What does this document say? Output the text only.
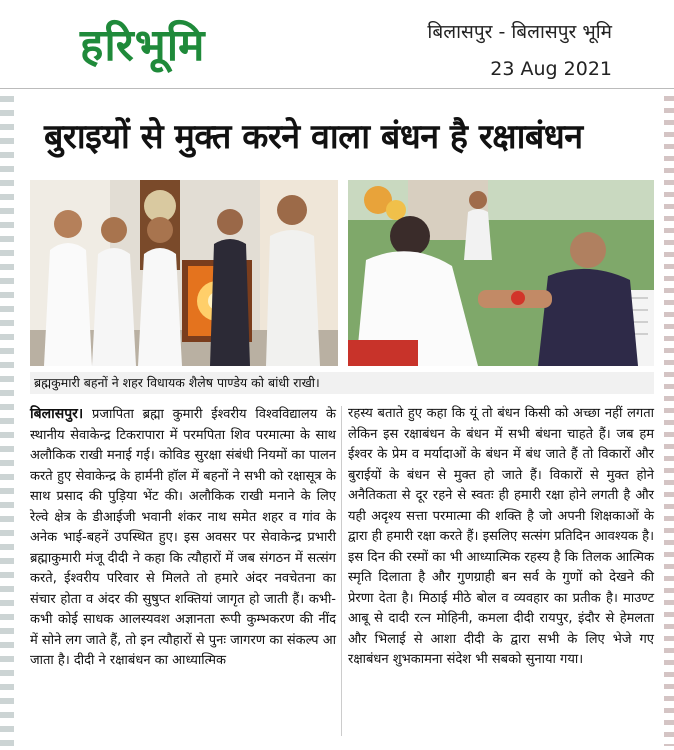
हरिभूमि	बिलासपुर - बिलासपुर भूमि
23 Aug 2021
बुराइयों से मुक्त करने वाला बंधन है रक्षाबंधन
ब्रह्मकुमारी बहनों ने शहर विधायक शैलेष पाण्डेय को बांधी राखी।
बिलासपुर। प्रजापिता ब्रह्मा कुमारी ईश्वरीय विश्वविद्यालय के स्थानीय सेवाकेन्द्र टिकरापारा में परमपिता शिव परमात्मा के साथ अलौकिक राखी मनाई गई। कोविड सुरक्षा संबंधी नियमों का पालन करते हुए सेवाकेन्द्र के हार्मनी हॉल में बहनों ने सभी को रक्षासूत्र के साथ प्रसाद की पुड़िया भेंट की। अलौकिक राखी मनाने के लिए रेल्वे क्षेत्र के डीआईजी भवानी शंकर नाथ समेत शहर व गांव के अनेक भाई-बहनें उपस्थित हुए। इस अवसर पर सेवाकेन्द्र प्रभारी ब्रह्माकुमारी मंजू दीदी ने कहा कि त्यौहारों में जब संगठन में सत्संग करते, ईश्वरीय परिवार से मिलते तो हमारे अंदर नवचेतना का संचार होता व अंदर की सुषुप्त शक्तियां जागृत हो जाती हैं। कभी-कभी कोई साधक आलस्यवश अज्ञानता रूपी कुम्भकरण की नींद में सोने लग जाते हैं, तो इन त्यौहारों से पुनः जागरण का संकल्प आ जाता है। दीदी ने रक्षाबंधन का आध्यात्मिक
रहस्य बताते हुए कहा कि यूं तो बंधन किसी को अच्छा नहीं लगता लेकिन इस रक्षाबंधन के बंधन में सभी बंधना चाहते हैं। जब हम ईश्वर के प्रेम व मर्यादाओं के बंधन में बंध जाते हैं तो विकारों और बुराईयों के बंधन से मुक्त हो जाते हैं। विकारों से मुक्त होने अनैतिकता से दूर रहने से स्वतः ही हमारी रक्षा होने लगती है और यही अदृश्य सत्ता परमात्मा की शक्ति है जो अपनी शिक्षकाओं के द्वारा ही हमारी रक्षा करते हैं। इसलिए सत्संग प्रतिदिन आवश्यक है। इस दिन की रस्मों का भी आध्यात्मिक रहस्य है कि तिलक आत्मिक स्मृति दिलाता है और गुणग्राही बन सर्व के गुणों को देखने की प्रेरणा देता है। मिठाई मीठे बोल व व्यवहार का प्रतीक है। माउण्ट आबू से दादी रत्न मोहिनी, कमला दीदी रायपुर, इंदौर से हेमलता और भिलाई से आशा दीदी के द्वारा सभी के लिए भेजे गए रक्षाबंधन शुभकामना संदेश भी सबको सुनाया गया।
